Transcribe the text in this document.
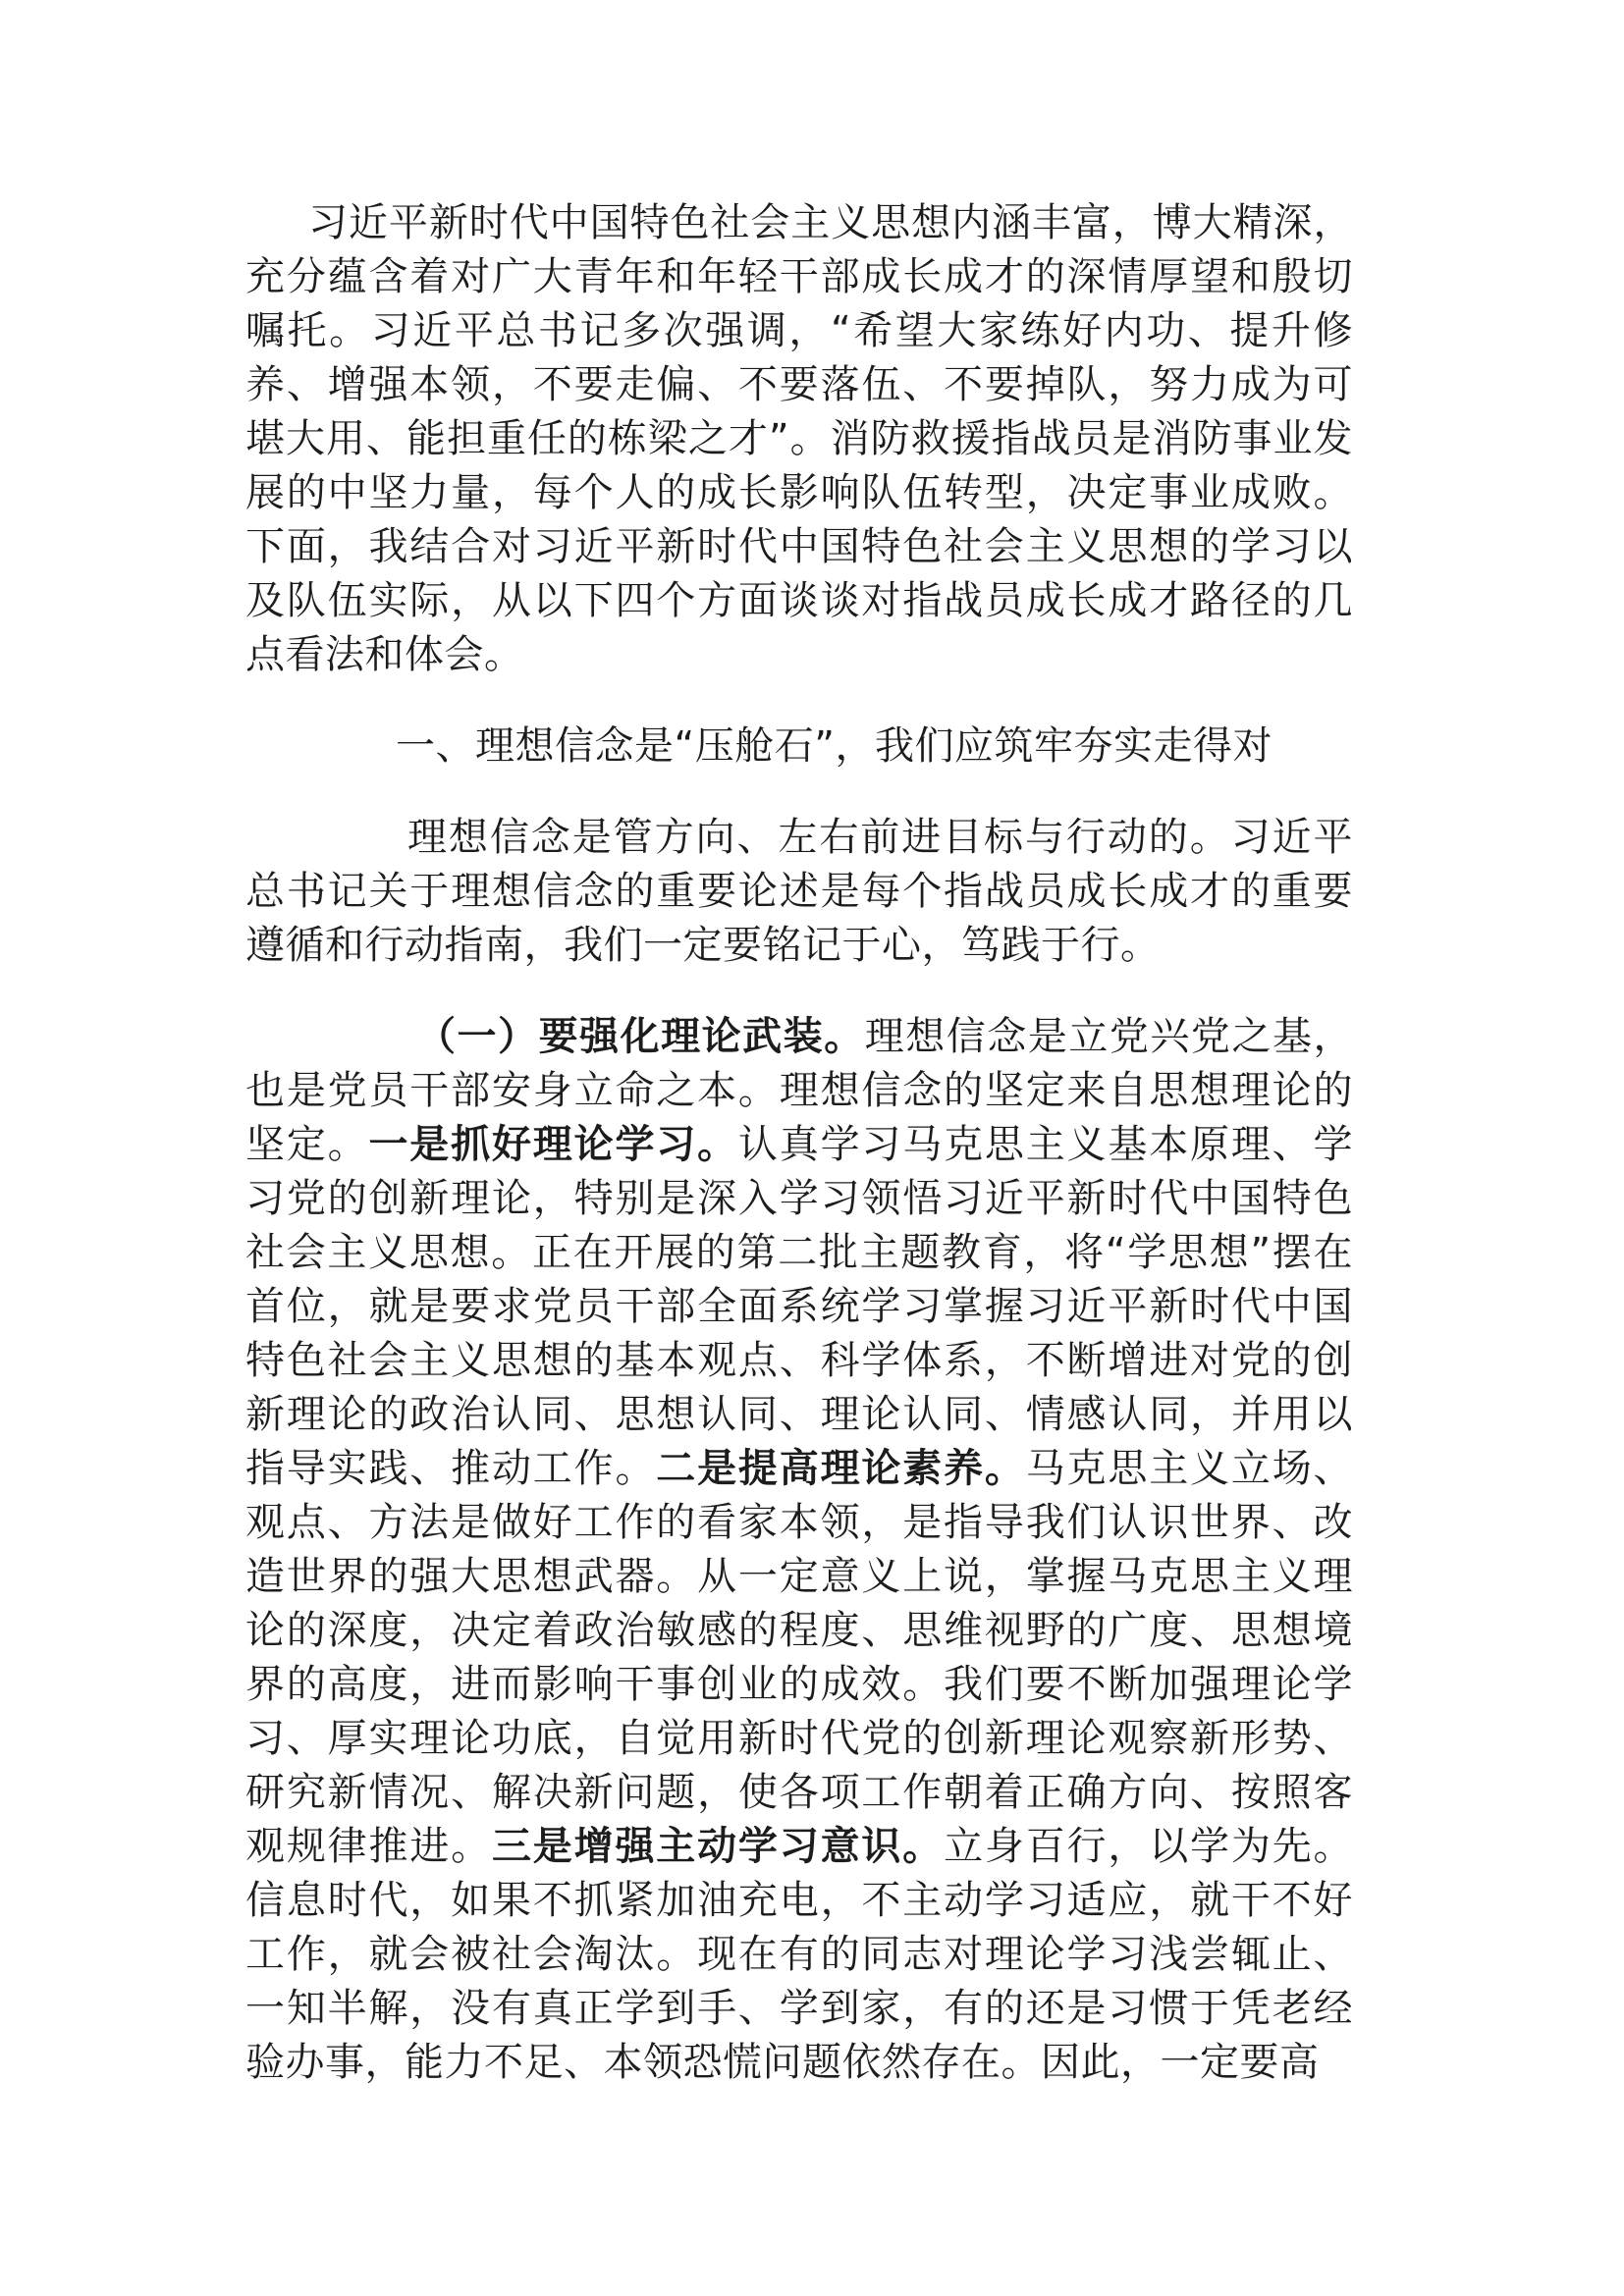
习近平新时代中国特色社会主义思想内涵丰富，博大精深，充分蕴含着对广大青年和年轻干部成长成才的深情厚望和殷切嘱托。习近平总书记多次强调，“希望大家练好内功、提升修养、增强本领，不要走偏、不要落伍、不要掉队，努力成为可堪大用、能担重任的栋梁之才”。消防救援指战员是消防事业发展的中坚力量，每个人的成长影响队伍转型，决定事业成败。下面，我结合对习近平新时代中国特色社会主义思想的学习以及队伍实际，从以下四个方面谈谈对指战员成长成才路径的几点看法和体会。

一、理想信念是“压舱石”，我们应筑牢夯实走得对

理想信念是管方向、左右前进目标与行动的。习近平总书记关于理想信念的重要论述是每个指战员成长成才的重要遵循和行动指南，我们一定要铭记于心，笃践于行。

（一）要强化理论武装。理想信念是立党兴党之基，也是党员干部安身立命之本。理想信念的坚定来自思想理论的坚定。一是抓好理论学习。认真学习马克思主义基本原理、学习党的创新理论，特别是深入学习领悟习近平新时代中国特色社会主义思想。正在开展的第二批主题教育，将“学思想”摆在首位，就是要求党员干部全面系统学习掌握习近平新时代中国特色社会主义思想的基本观点、科学体系，不断增进对党的创新理论的政治认同、思想认同、理论认同、情感认同，并用以指导实践、推动工作。二是提高理论素养。马克思主义立场、观点、方法是做好工作的看家本领，是指导我们认识世界、改造世界的强大思想武器。从一定意义上说，掌握马克思主义理论的深度，决定着政治敏感的程度、思维视野的广度、思想境界的高度，进而影响干事创业的成效。我们要不断加强理论学习、厚实理论功底，自觉用新时代党的创新理论观察新形势、研究新情况、解决新问题，使各项工作朝着正确方向、按照客观规律推进。三是增强主动学习意识。立身百行，以学为先。信息时代，如果不抓紧加油充电，不主动学习适应，就干不好工作，就会被社会淘汰。现在有的同志对理论学习浅尝辄止、一知半解，没有真正学到手、学到家，有的还是习惯于凭老经验办事，能力不足、本领恐慌问题依然存在。因此，一定要高
